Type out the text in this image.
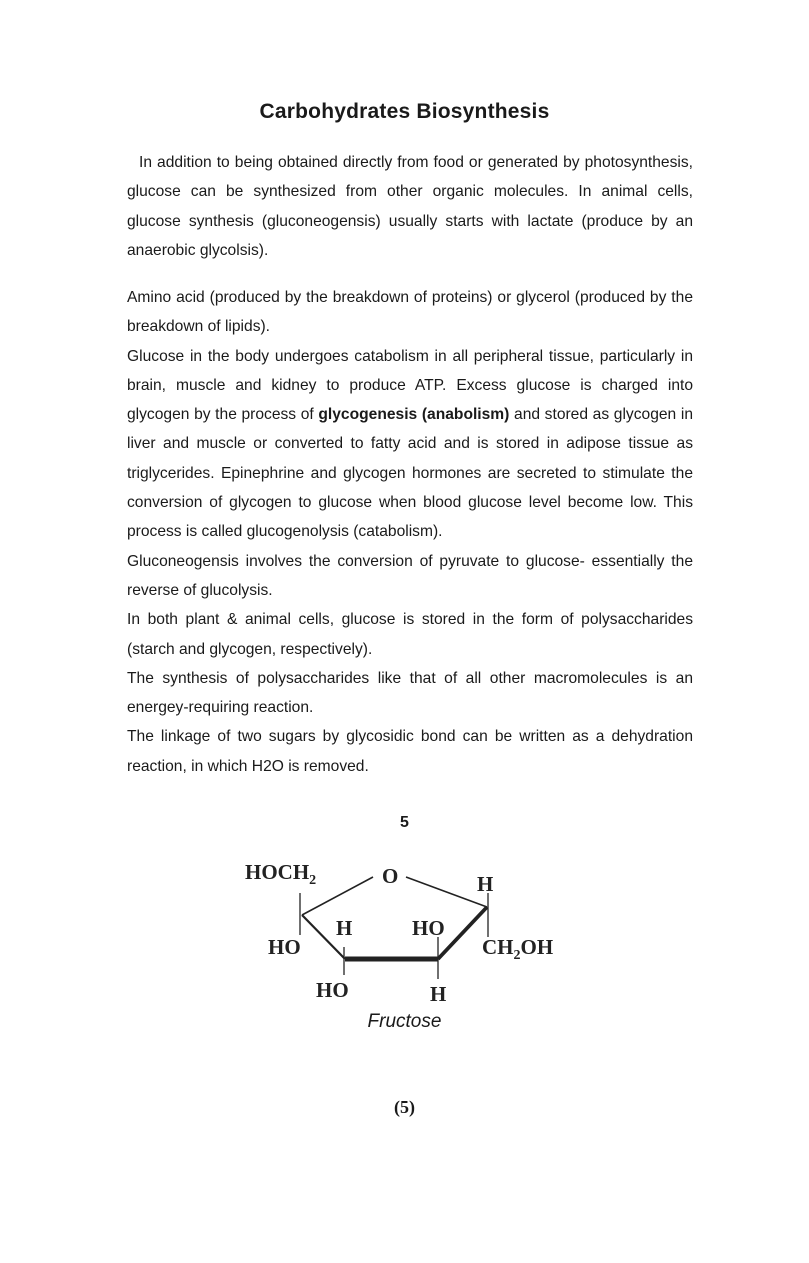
Carbohydrates Biosynthesis

In addition to being obtained directly from food or generated by photosynthesis, glucose can be synthesized from other organic molecules. In animal cells, glucose synthesis (gluconeogensis) usually starts with lactate (produce by an anaerobic glycolsis).

Amino acid (produced by the breakdown of proteins) or glycerol (produced by the breakdown of lipids).

Glucose in the body undergoes catabolism in all peripheral tissue, particularly in brain, muscle and kidney to produce ATP. Excess glucose is charged into glycogen by the process of glycogenesis (anabolism) and stored as glycogen in liver and muscle or converted to fatty acid and is stored in adipose tissue as triglycerides. Epinephrine and glycogen hormones are secreted to stimulate the conversion of glycogen to glucose when blood glucose level become low. This process is called glucogenolysis (catabolism).

Gluconeogensis involves the conversion of pyruvate to glucose- essentially the reverse of glucolysis.

In both plant & animal cells, glucose is stored in the form of polysaccharides (starch and glycogen, respectively).

The synthesis of polysaccharides like that of all other macromolecules is an energey-requiring reaction.

The linkage of two sugars by glycosidic bond can be written as a dehydration reaction, in which H2O is removed.

5
$HOCH_2$	O	H
HO
H	HO
$CH_2OH$
HO	H
Fructose
(5)
